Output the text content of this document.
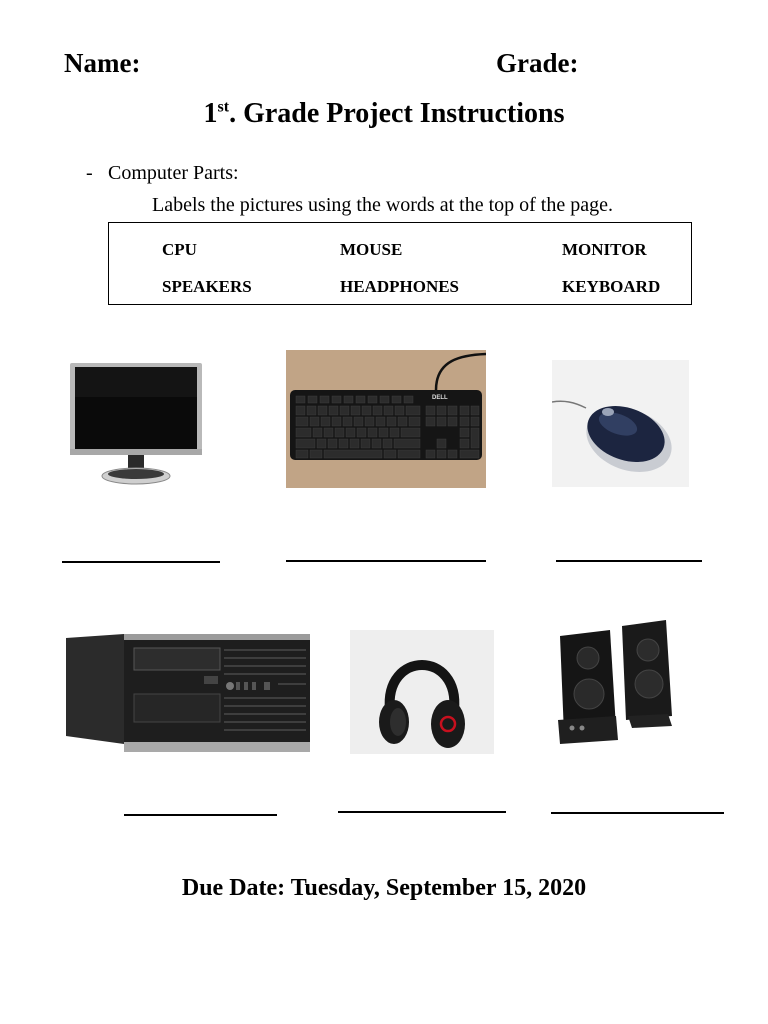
Name:	Grade:
1st. Grade Project Instructions
- Computer Parts:
Labels the pictures using the words at the top of the page.
CPU	MOUSE	MONITOR
SPEAKERS	HEADPHONES	KEYBOARD
DELL
Due Date: Tuesday, September 15, 2020
